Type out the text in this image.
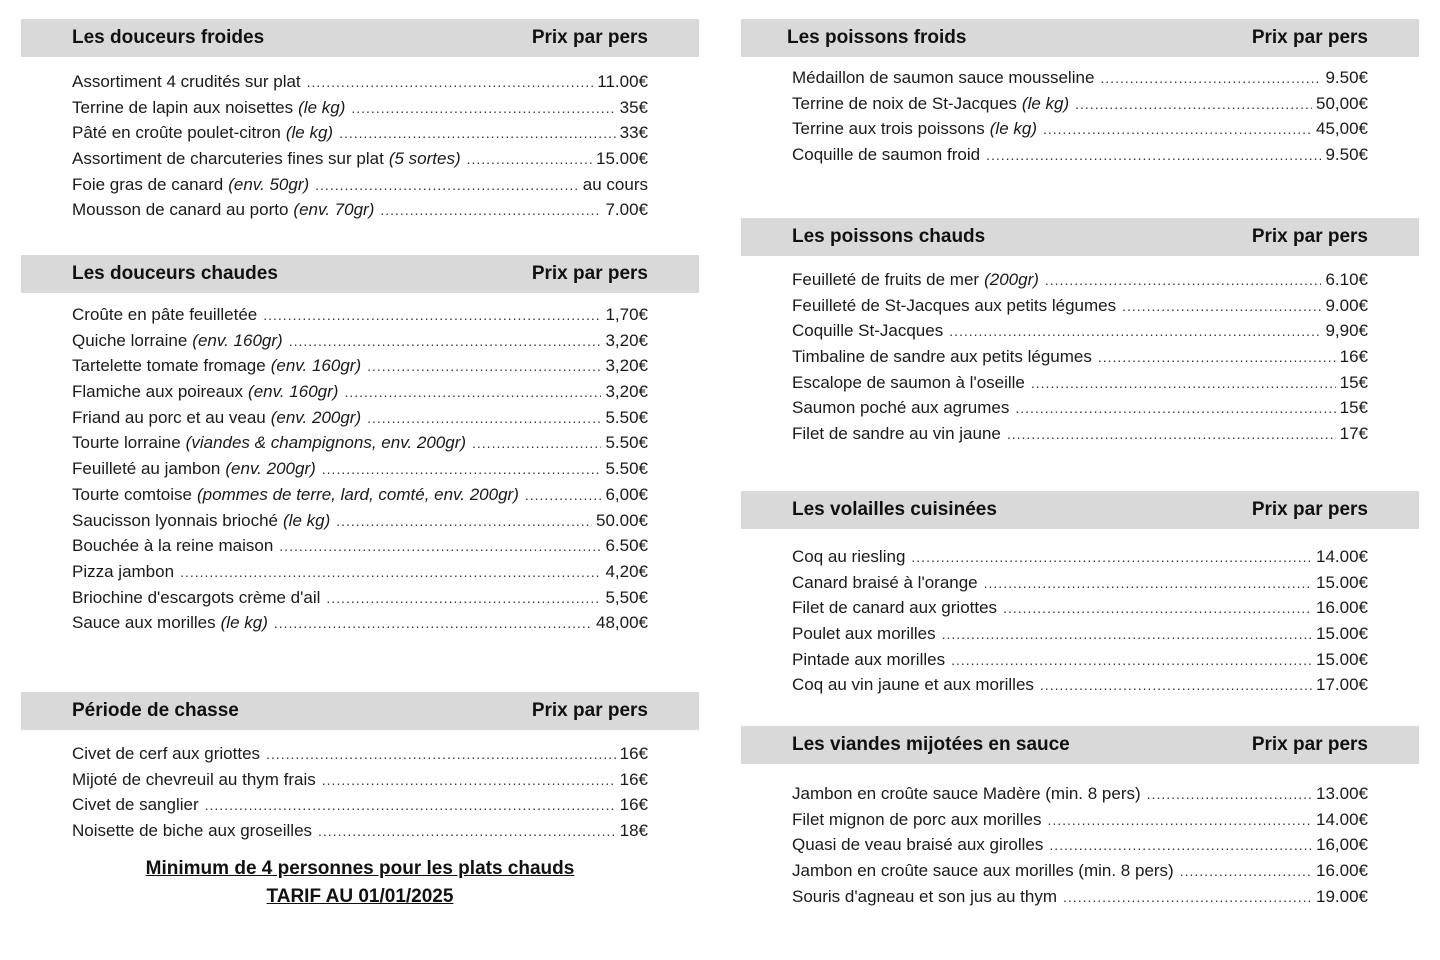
Les douceurs froides	Prix par pers
Assortiment 4 crudités sur plat .....	11.00€
Terrine de lapin aux noisettes (le kg) .....	35€
Pâté en croûte poulet-citron (le kg) .....	33€
Assortiment de charcuteries fines sur plat (5 sortes) .....	15.00€
Foie gras de canard (env. 50gr) .....	au cours
Mousson de canard au porto (env. 70gr) .....	7.00€
Les douceurs chaudes	Prix par pers
Croûte en pâte feuilletée .....	1,70€
Quiche lorraine (env. 160gr) .....	3,20€
Tartelette tomate fromage (env. 160gr) .....	3,20€
Flamiche aux poireaux (env. 160gr) .....	3,20€
Friand au porc et au veau (env. 200gr) .....	5.50€
Tourte lorraine (viandes & champignons, env. 200gr) .....	5.50€
Feuilleté au jambon (env. 200gr) .....	5.50€
Tourte comtoise (pommes de terre, lard, comté, env. 200gr) .....	6,00€
Saucisson lyonnais brioché (le kg) .....	50.00€
Bouchée à la reine maison .....	6.50€
Pizza jambon .....	4,20€
Briochine d'escargots crème d'ail .....	5,50€
Sauce aux morilles (le kg) .....	48,00€
Période de chasse	Prix par pers
Civet de cerf aux griottes .....	16€
Mijoté de chevreuil au thym frais .....	16€
Civet de sanglier .....	16€
Noisette de biche aux groseilles .....	18€
Minimum de 4 personnes pour les plats chauds
TARIF AU 01/01/2025
Les poissons froids	Prix par pers
Médaillon de saumon sauce mousseline .....	9.50€
Terrine de noix de St-Jacques (le kg) .....	50,00€
Terrine aux trois poissons (le kg) .....	45,00€
Coquille de saumon froid .....	9.50€
Les poissons chauds	Prix par pers
Feuilleté de fruits de mer (200gr) .....	6.10€
Feuilleté de St-Jacques aux petits légumes .....	9.00€
Coquille St-Jacques .....	9,90€
Timbaline de sandre aux petits légumes .....	16€
Escalope de saumon à l'oseille .....	15€
Saumon poché aux agrumes .....	15€
Filet de sandre au vin jaune .....	17€
Les volailles cuisinées	Prix par pers
Coq au riesling .....	14.00€
Canard braisé à l'orange .....	15.00€
Filet de canard aux griottes .....	16.00€
Poulet aux morilles .....	15.00€
Pintade aux morilles .....	15.00€
Coq au vin jaune et aux morilles .....	17.00€
Les viandes mijotées en sauce	Prix par pers
Jambon en croûte sauce Madère (min. 8 pers) .....	13.00€
Filet mignon de porc aux morilles .....	14.00€
Quasi de veau braisé aux girolles .....	16,00€
Jambon en croûte sauce aux morilles (min. 8 pers) .....	16.00€
Souris d'agneau et son jus au thym .....	19.00€
